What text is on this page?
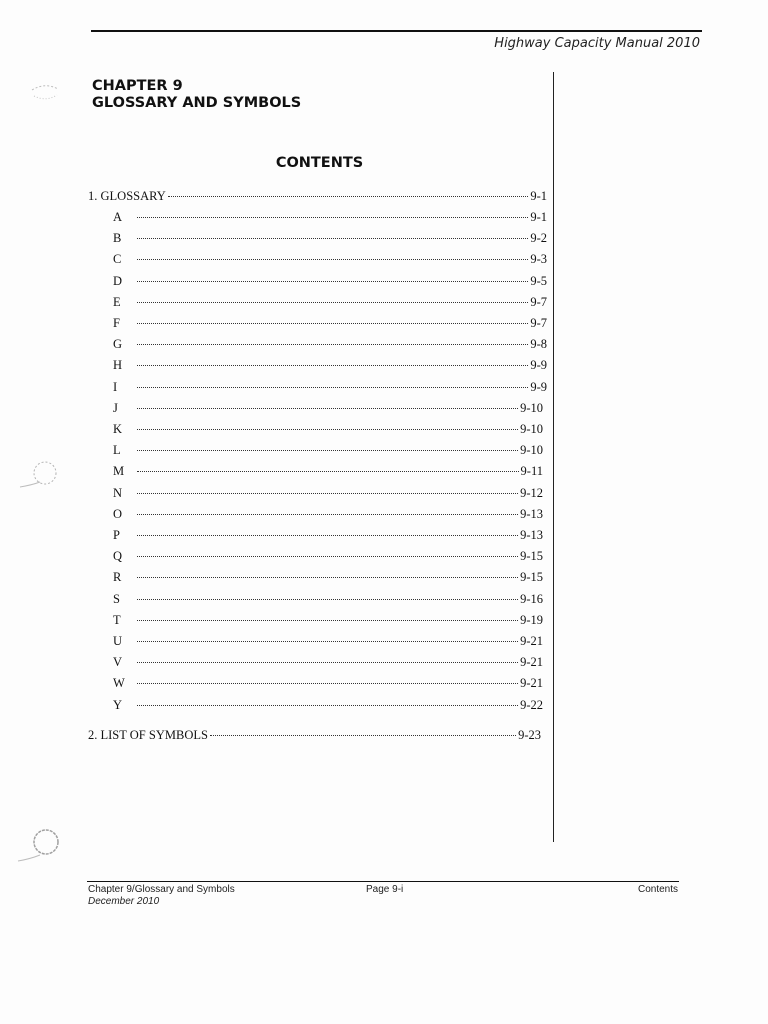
Highway Capacity Manual 2010
CHAPTER 9
GLOSSARY AND SYMBOLS
CONTENTS
1. GLOSSARY	9-1
A	9-1
B	9-2
C	9-3
D	9-5
E	9-7
F	9-7
G	9-8
H	9-9
I	9-9
J	9-10
K	9-10
L	9-10
M	9-11
N	9-12
O	9-13
P	9-13
Q	9-15
R	9-15
S	9-16
T	9-19
U	9-21
V	9-21
W	9-21
Y	9-22
2. LIST OF SYMBOLS	9-23
Chapter 9/Glossary and Symbols
December 2010
Page 9-i	Contents
